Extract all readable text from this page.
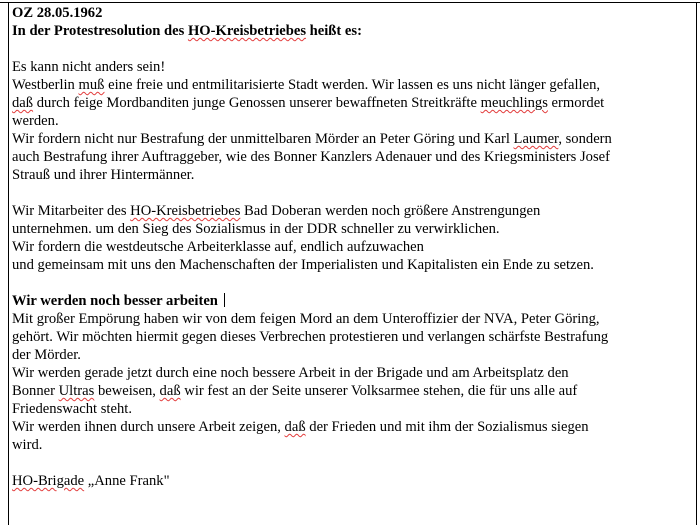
OZ 28.05.1962
In der Protestresolution des HO-Kreisbetriebes heißt es:
Es kann nicht anders sein!
Westberlin muß eine freie und entmilitarisierte Stadt werden. Wir lassen es uns nicht länger gefallen,
daß durch feige Mordbanditen junge Genossen unserer bewaffneten Streitkräfte meuchlings ermordet
werden.
Wir fordern nicht nur Bestrafung der unmittelbaren Mörder an Peter Göring und Karl Laumer, sondern
auch Bestrafung ihrer Auftraggeber, wie des Bonner Kanzlers Adenauer und des Kriegsministers Josef
Strauß und ihrer Hintermänner.
Wir Mitarbeiter des HO-Kreisbetriebes Bad Doberan werden noch größere Anstrengungen
unternehmen. um den Sieg des Sozialismus in der DDR schneller zu verwirklichen.
Wir fordern die westdeutsche Arbeiterklasse auf, endlich aufzuwachen
und gemeinsam mit uns den Machenschaften der Imperialisten und Kapitalisten ein Ende zu setzen.
Wir werden noch besser arbeiten
Mit großer Empörung haben wir von dem feigen Mord an dem Unteroffizier der NVA, Peter Göring,
gehört. Wir möchten hiermit gegen dieses Verbrechen protestieren und verlangen schärfste Bestrafung
der Mörder.
Wir werden gerade jetzt durch eine noch bessere Arbeit in der Brigade und am Arbeitsplatz den
Bonner Ultras beweisen, daß wir fest an der Seite unserer Volksarmee stehen, die für uns alle auf
Friedenswacht steht.
Wir werden ihnen durch unsere Arbeit zeigen, daß der Frieden und mit ihm der Sozialismus siegen
wird.
HO-Brigade „Anne Frank"
